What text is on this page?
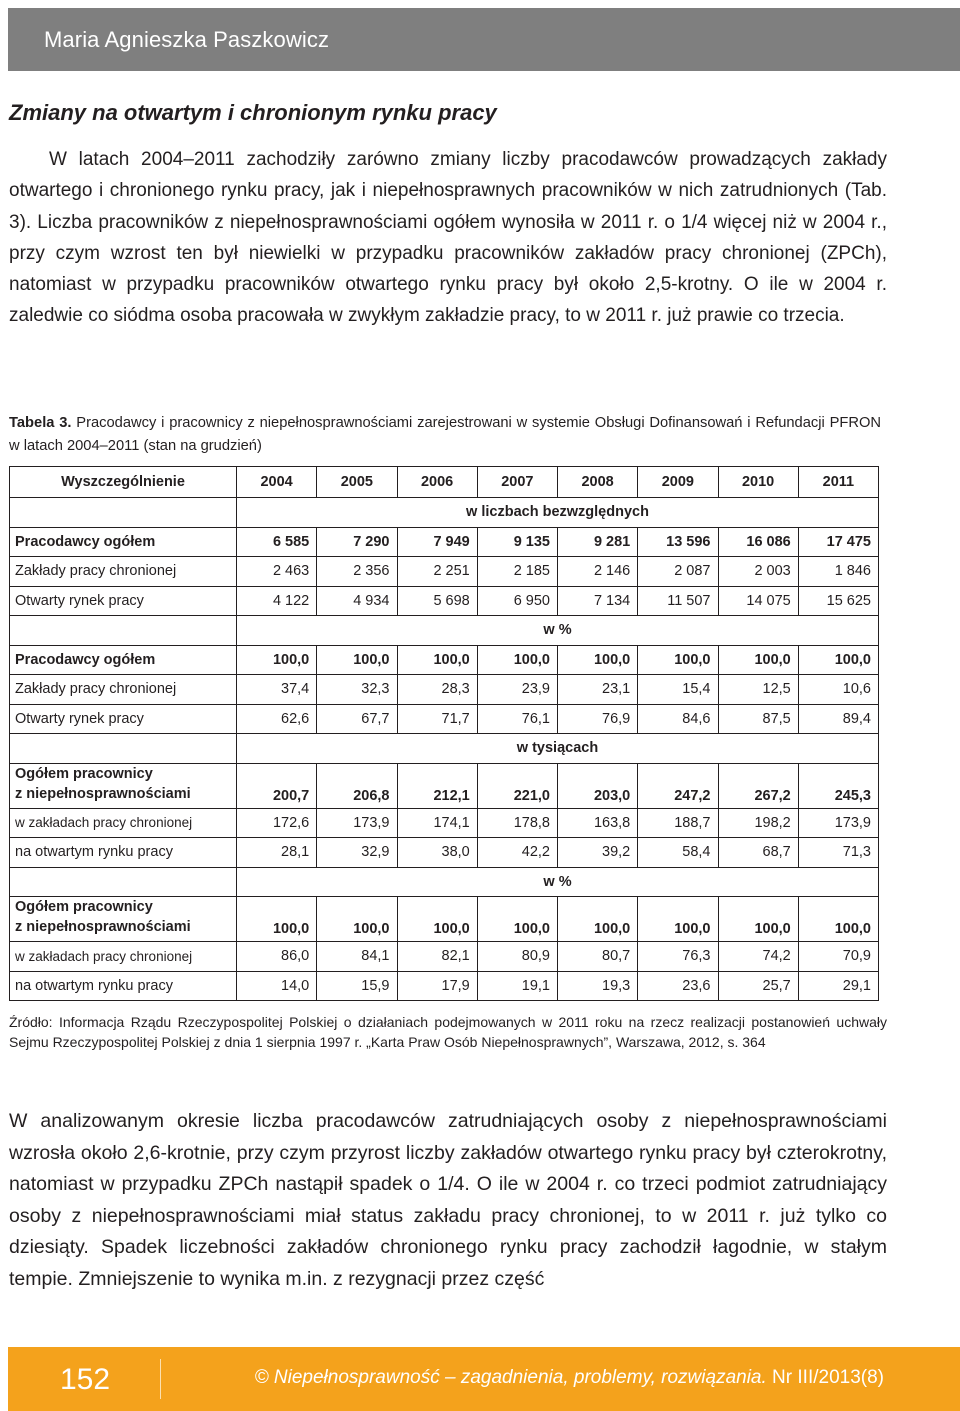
Maria Agnieszka Paszkowicz
Zmiany na otwartym i chronionym rynku pracy

W latach 2004–2011 zachodziły zarówno zmiany liczby pracodawców prowadzących zakłady otwartego i chronionego rynku pracy, jak i niepełnosprawnych pracowników w nich zatrudnionych (Tab. 3). Liczba pracowników z niepełnosprawnościami ogółem wynosiła w 2011 r. o 1/4 więcej niż w 2004 r., przy czym wzrost ten był niewielki w przypadku pracowników zakładów pracy chronionej (ZPCh), natomiast w przypadku pracowników otwartego rynku pracy był około 2,5-krotny. O ile w 2004 r. zaledwie co siódma osoba pracowała w zwykłym zakładzie pracy, to w 2011 r. już prawie co trzecia.

Tabela 3. Pracodawcy i pracownicy z niepełnosprawnościami zarejestrowani w systemie Obsługi Dofinansowań i Refundacji PFRON w latach 2004–2011 (stan na grudzień)

Wyszczególnienie	2004	2005	2006	2007	2008	2009	2010	2011
	w liczbach bezwzględnych							
Pracodawcy ogółem	6 585	7 290	7 949	9 135	9 281	13 596	16 086	17 475
Zakłady pracy chronionej	2 463	2 356	2 251	2 185	2 146	2 087	2 003	1 846
Otwarty rynek pracy	4 122	4 934	5 698	6 950	7 134	11 507	14 075	15 625
	w %							
Pracodawcy ogółem	100,0	100,0	100,0	100,0	100,0	100,0	100,0	100,0
Zakłady pracy chronionej	37,4	32,3	28,3	23,9	23,1	15,4	12,5	10,6
Otwarty rynek pracy	62,6	67,7	71,7	76,1	76,9	84,6	87,5	89,4
	w tysiącach							
Ogółem pracownicy
z niepełnosprawnościami	200,7	206,8	212,1	221,0	203,0	247,2	267,2	245,3
w zakładach pracy chronionej	172,6	173,9	174,1	178,8	163,8	188,7	198,2	173,9
na otwartym rynku pracy	28,1	32,9	38,0	42,2	39,2	58,4	68,7	71,3
	w %							
Ogółem pracownicy
z niepełnosprawnościami	100,0	100,0	100,0	100,0	100,0	100,0	100,0	100,0
w zakładach pracy chronionej	86,0	84,1	82,1	80,9	80,7	76,3	74,2	70,9
na otwartym rynku pracy	14,0	15,9	17,9	19,1	19,3	23,6	25,7	29,1

Źródło: Informacja Rządu Rzeczypospolitej Polskiej o działaniach podejmowanych w 2011 roku na rzecz realizacji postanowień uchwały Sejmu Rzeczypospolitej Polskiej z dnia 1 sierpnia 1997 r. „Karta Praw Osób Niepełnosprawnych”, Warszawa, 2012, s. 364

W analizowanym okresie liczba pracodawców zatrudniających osoby z niepełnosprawnościami wzrosła około 2,6-krotnie, przy czym przyrost liczby zakładów otwartego rynku pracy był czterokrotny, natomiast w przypadku ZPCh nastąpił spadek o 1/4. O ile w 2004 r. co trzeci podmiot zatrudniający osoby z niepełnosprawnościami miał status zakładu pracy chronionej, to w 2011 r. już tylko co dziesiąty. Spadek liczebności zakładów chronionego rynku pracy zachodził łagodnie, w stałym tempie. Zmniejszenie to wynika m.in. z rezygnacji przez część

152	© Niepełnosprawność – zagadnienia, problemy, rozwiązania. Nr III/2013(8)
